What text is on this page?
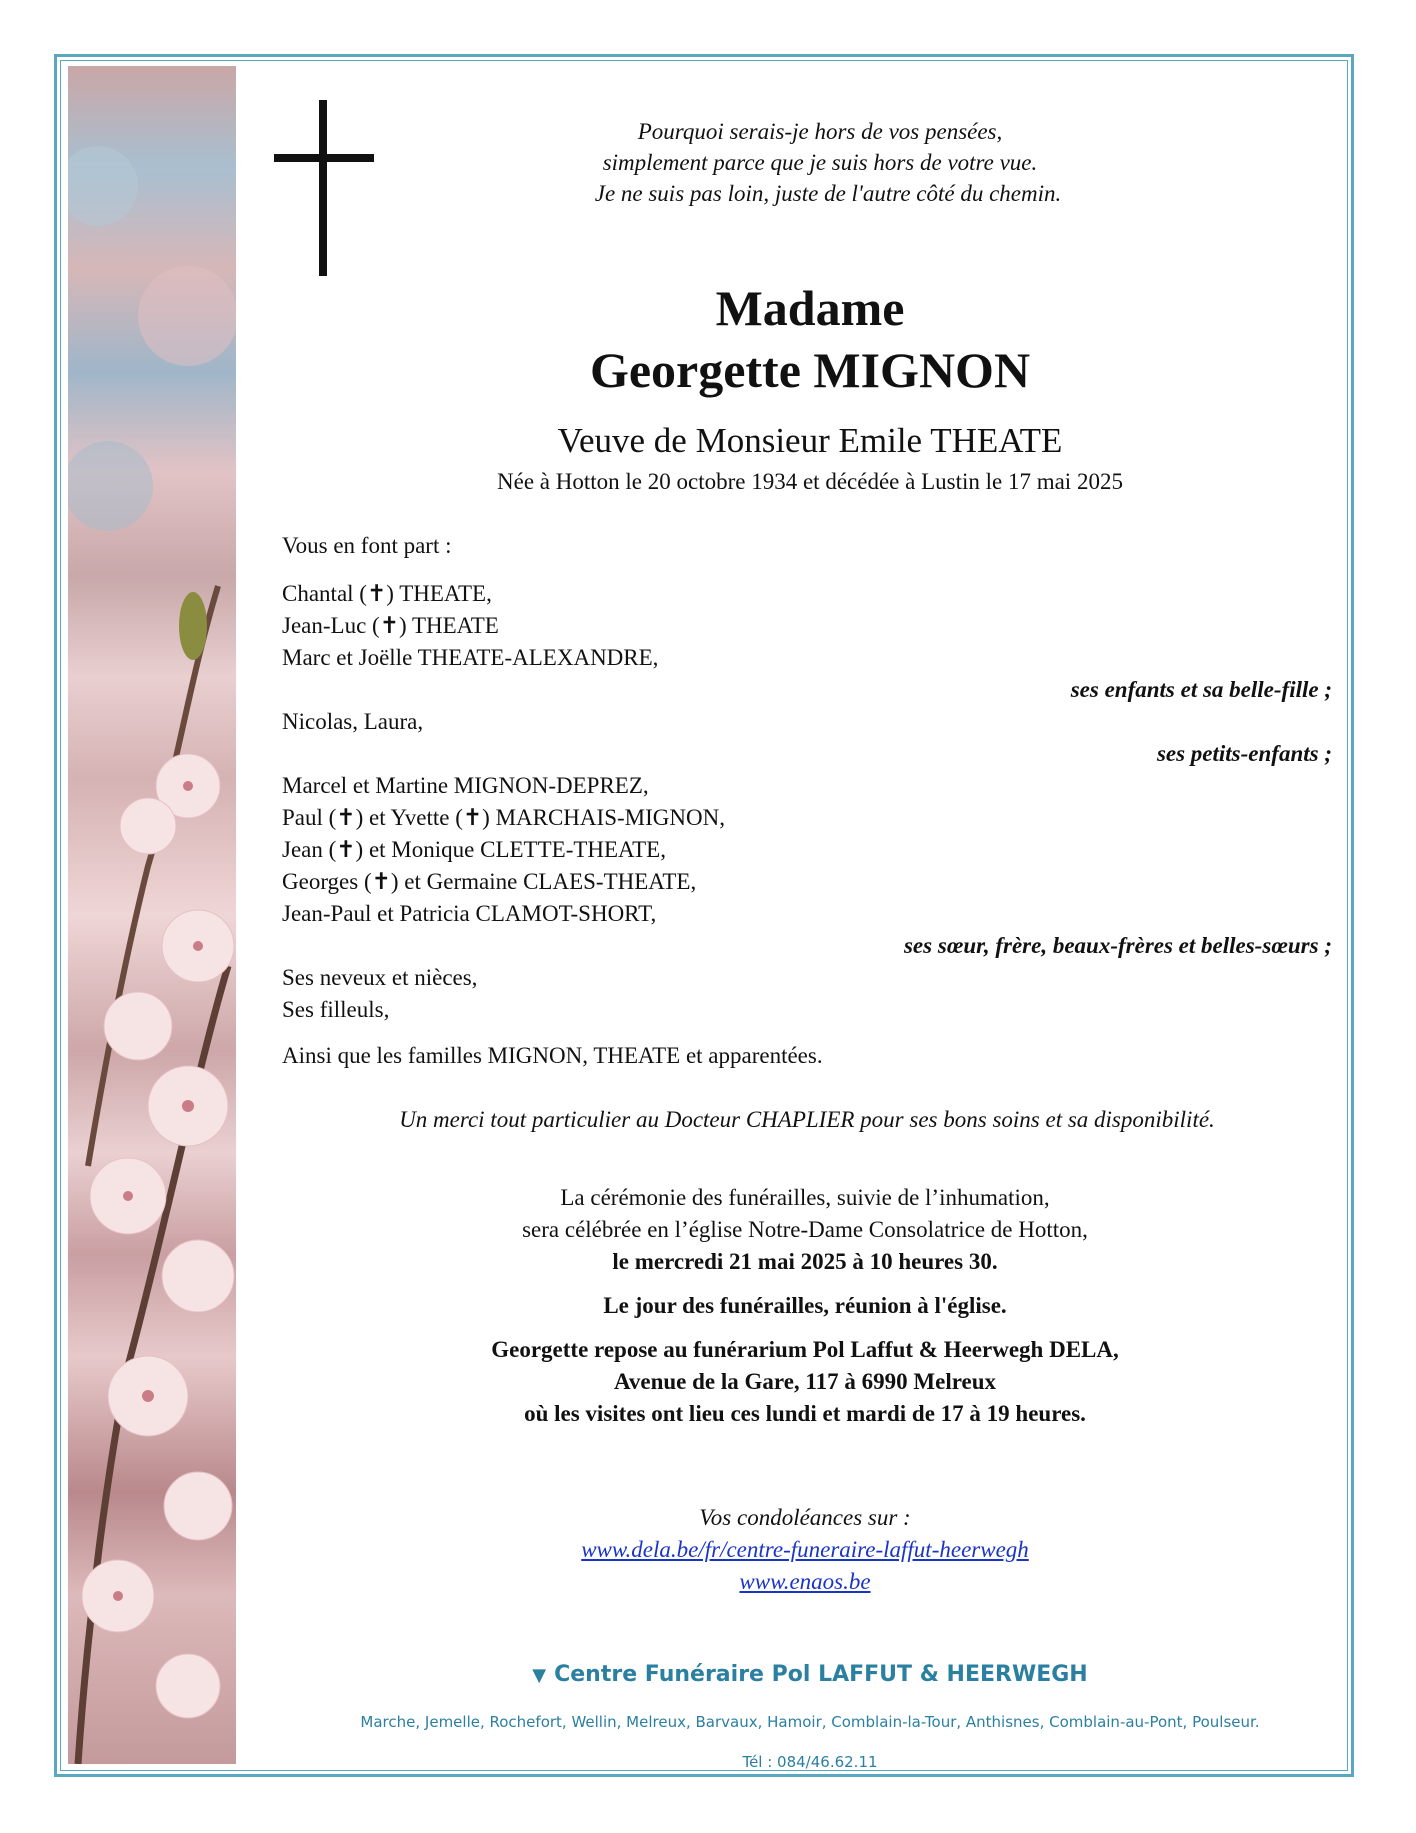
Pourquoi serais-je hors de vos pensées,
simplement parce que je suis hors de votre vue.
Je ne suis pas loin, juste de l'autre côté du chemin.
Madame
Georgette MIGNON
Veuve de Monsieur Emile THEATE
Née à Hotton le 20 octobre 1934 et décédée à Lustin le 17 mai 2025
Vous en font part :
Chantal (✝) THEATE,
Jean-Luc (✝) THEATE
Marc et Joëlle THEATE-ALEXANDRE,
ses enfants et sa belle-fille ;
Nicolas, Laura,
ses petits-enfants ;
Marcel et Martine MIGNON-DEPREZ,
Paul (✝) et Yvette (✝) MARCHAIS-MIGNON,
Jean (✝) et Monique CLETTE-THEATE,
Georges (✝) et Germaine CLAES-THEATE,
Jean-Paul et Patricia CLAMOT-SHORT,
ses sœur, frère, beaux-frères et belles-sœurs ;
Ses neveux et nièces,
Ses filleuls,
Ainsi que les familles MIGNON, THEATE et apparentées.
Un merci tout particulier au Docteur CHAPLIER pour ses bons soins et sa disponibilité.
La cérémonie des funérailles, suivie de l’inhumation,
sera célébrée en l’église Notre-Dame Consolatrice de Hotton,
le mercredi 21 mai 2025 à 10 heures 30.
Le jour des funérailles, réunion à l'église.
Georgette repose au funérarium Pol Laffut & Heerwegh DELA,
Avenue de la Gare, 117 à 6990 Melreux
où les visites ont lieu ces lundi et mardi de 17 à 19 heures.
Vos condoléances sur :
www.dela.be/fr/centre-funeraire-laffut-heerwegh
www.enaos.be
▼ Centre Funéraire Pol LAFFUT & HEERWEGH
Marche, Jemelle, Rochefort, Wellin, Melreux, Barvaux, Hamoir, Comblain-la-Tour, Anthisnes, Comblain-au-Pont, Poulseur.
Tél : 084/46.62.11
